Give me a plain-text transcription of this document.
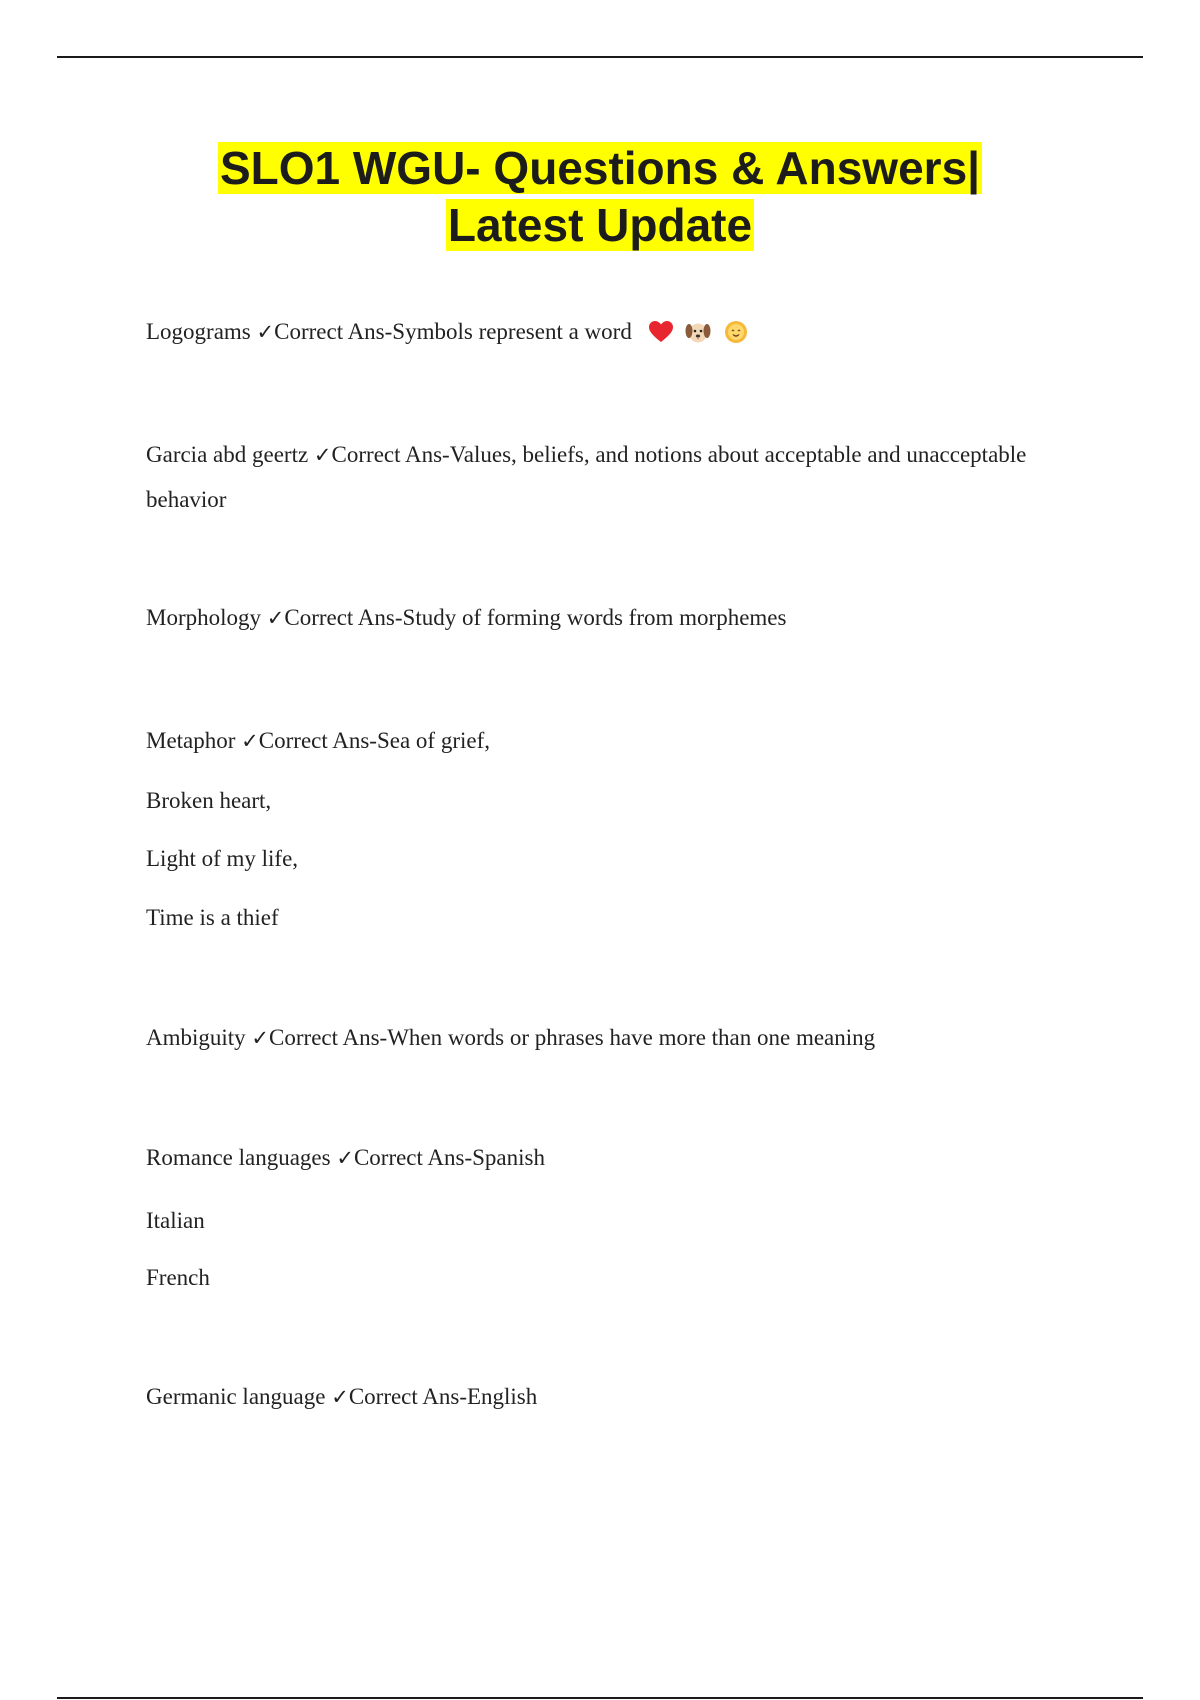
SLO1 WGU- Questions & Answers|
Latest Update
Logograms ✓Correct Ans-Symbols represent a word
Garcia abd geertz ✓Correct Ans-Values, beliefs, and notions about acceptable and unacceptable
behavior
Morphology ✓Correct Ans-Study of forming words from morphemes
Metaphor ✓Correct Ans-Sea of grief,
Broken heart,
Light of my life,
Time is a thief
Ambiguity ✓Correct Ans-When words or phrases have more than one meaning
Romance languages ✓Correct Ans-Spanish
Italian
French
Germanic language ✓Correct Ans-English
